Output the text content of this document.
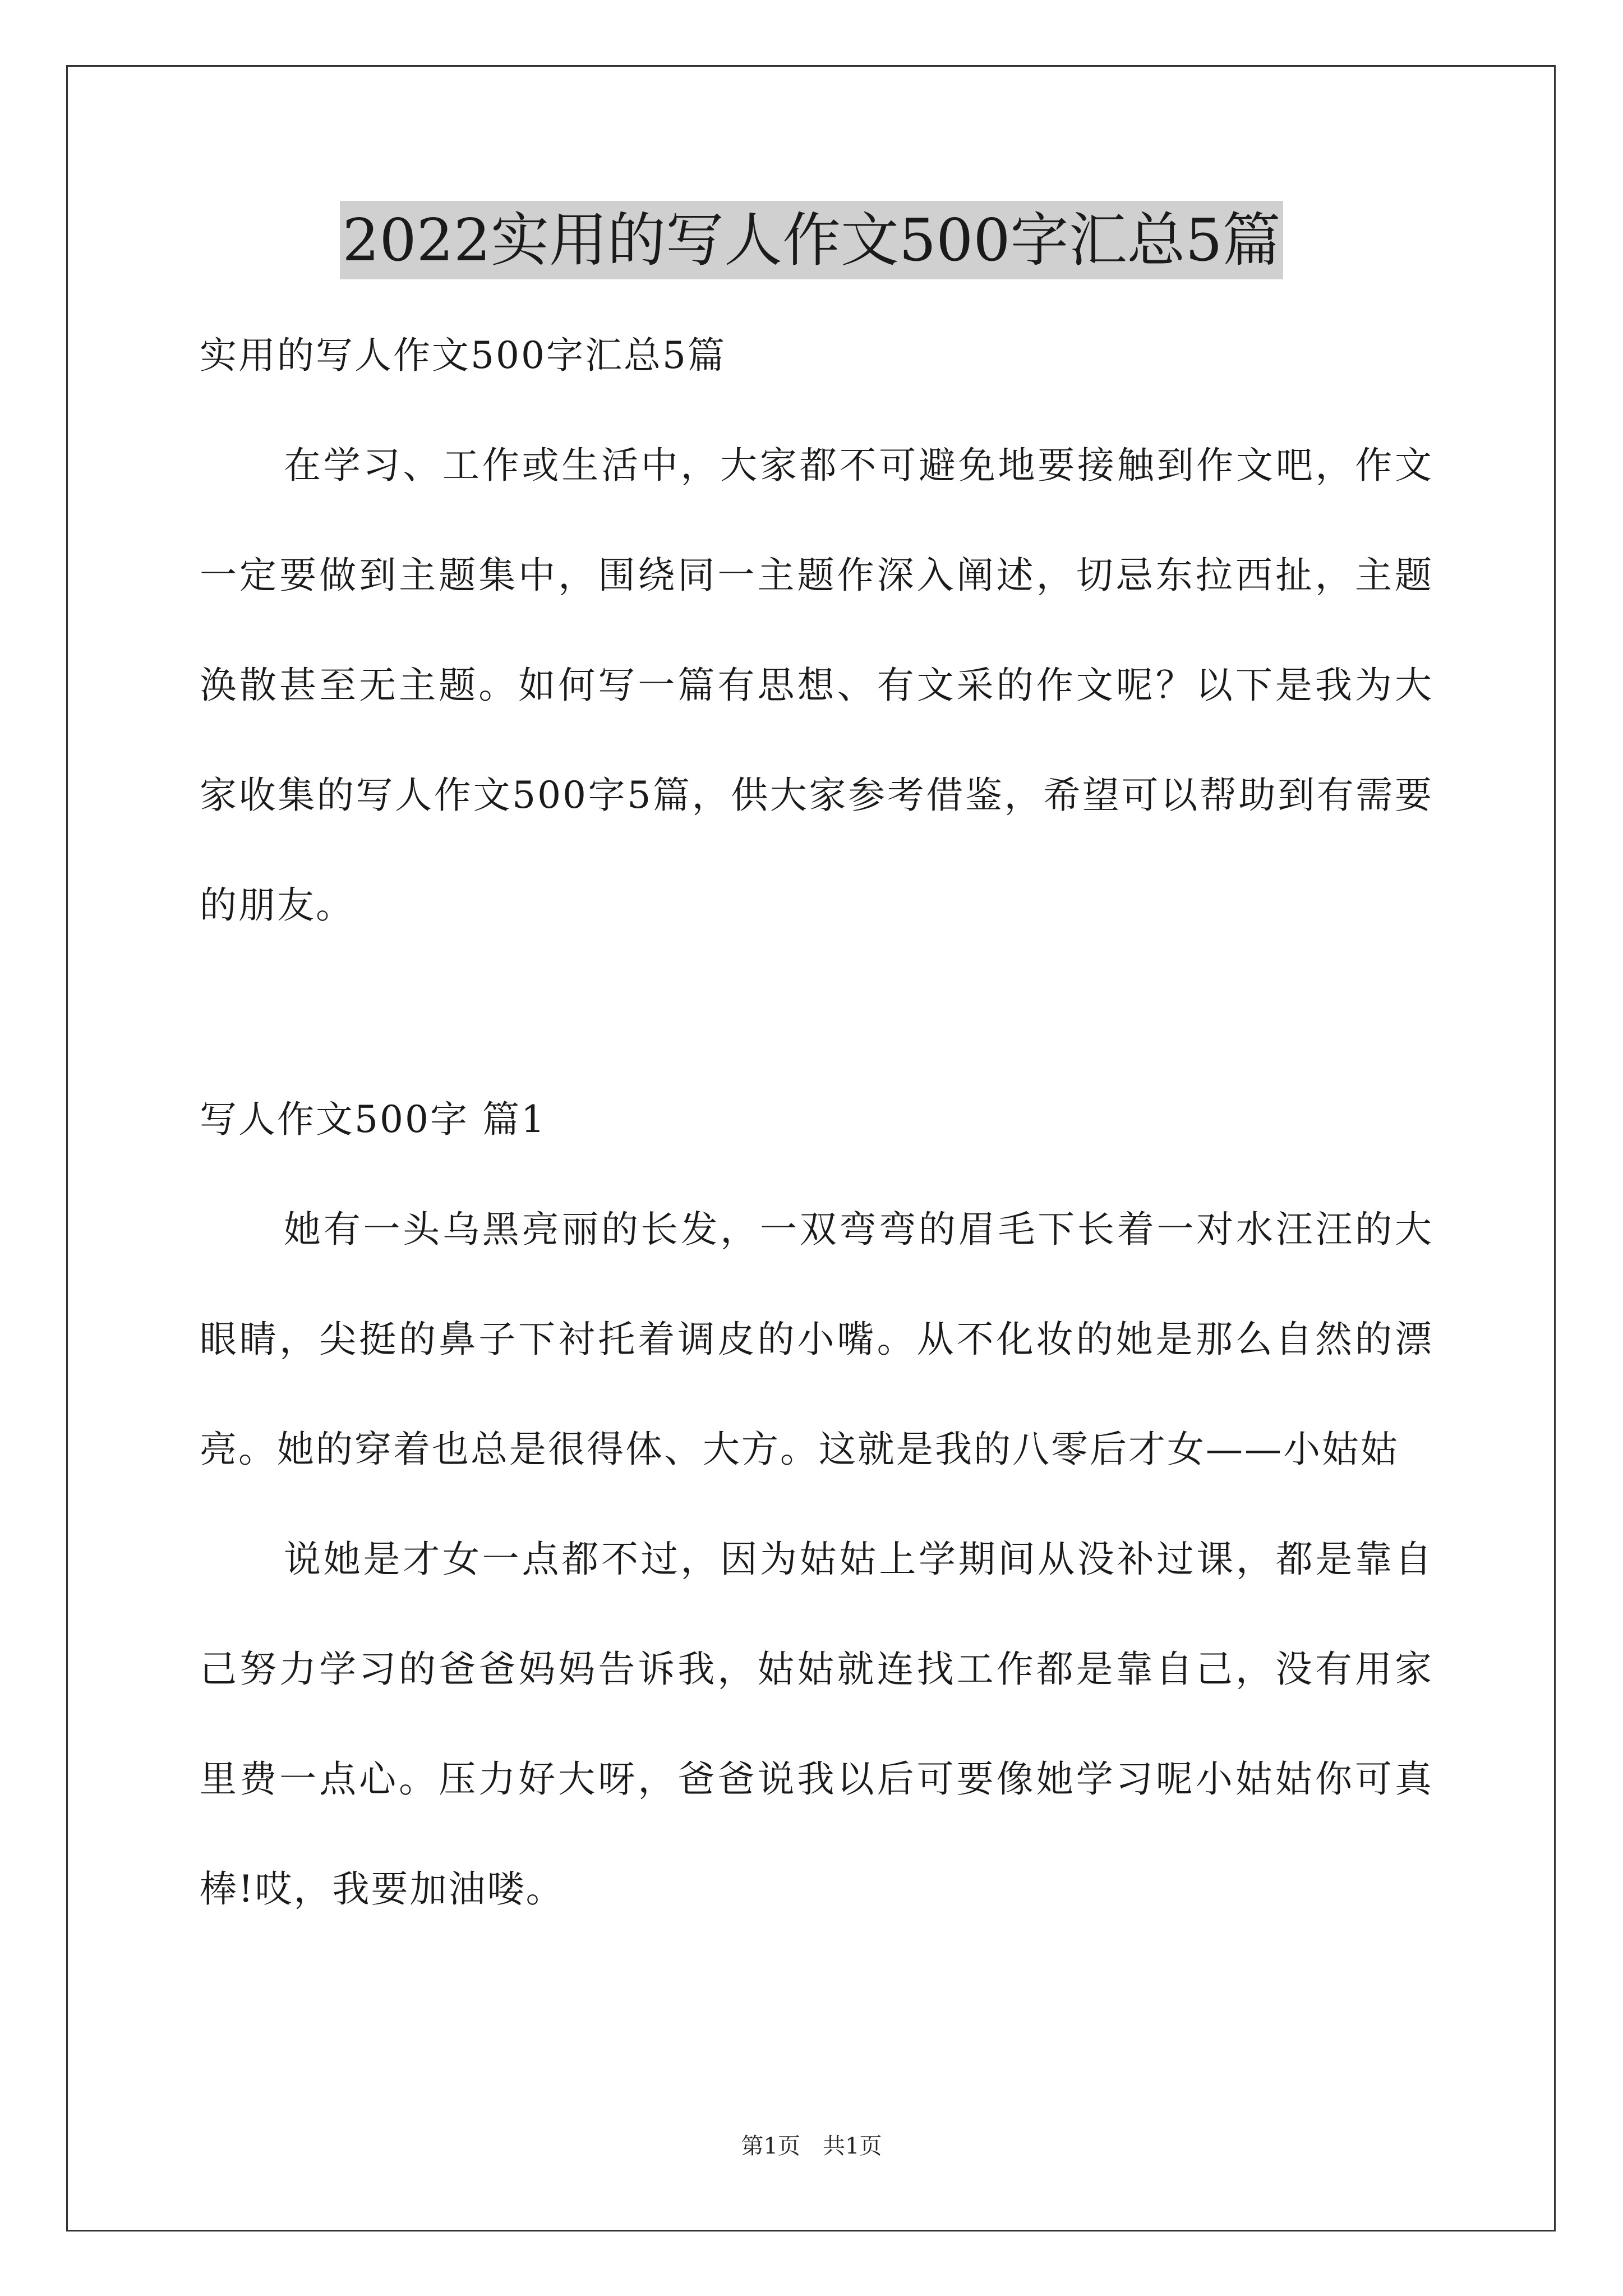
2022实用的写人作文500字汇总5篇

实用的写人作文500字汇总5篇

在学习、工作或生活中，大家都不可避免地要接触到作文吧，作文一定要做到主题集中，围绕同一主题作深入阐述，切忌东拉西扯，主题涣散甚至无主题。如何写一篇有思想、有文采的作文呢？以下是我为大家收集的写人作文500字5篇，供大家参考借鉴，希望可以帮助到有需要的朋友。

写人作文500字 篇1

她有一头乌黑亮丽的长发，一双弯弯的眉毛下长着一对水汪汪的大眼睛，尖挺的鼻子下衬托着调皮的小嘴。从不化妆的她是那么自然的漂亮。她的穿着也总是很得体、大方。这就是我的八零后才女——小姑姑

说她是才女一点都不过，因为姑姑上学期间从没补过课，都是靠自己努力学习的爸爸妈妈告诉我，姑姑就连找工作都是靠自己，没有用家里费一点心。压力好大呀，爸爸说我以后可要像她学习呢小姑姑你可真棒!哎，我要加油喽。

第1页　共1页
